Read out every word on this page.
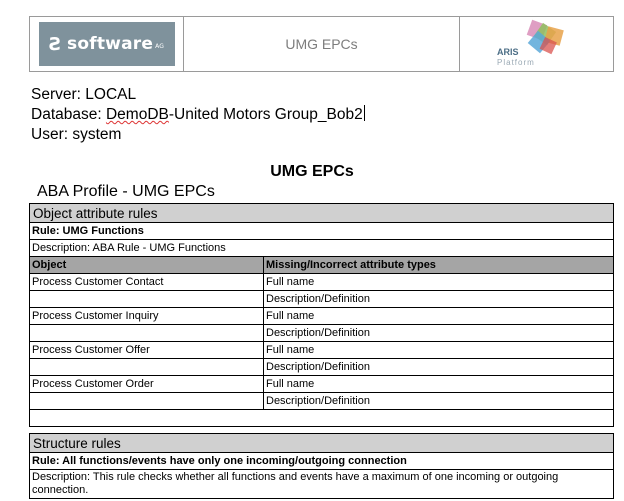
Ƨ software $^{AG}$	UMG EPCs	ARIS
Platform
Server: LOCAL
Database: DemoDB-United Motors Group_Bob2
User: system
UMG EPCs
ABA Profile - UMG EPCs
Object attribute rules	
Rule: UMG Functions	
Description: ABA Rule - UMG Functions	
Object	Missing/Incorrect attribute types
Process Customer Contact	Full name
	Description/Definition
Process Customer Inquiry	Full name
	Description/Definition
Process Customer Offer	Full name
	Description/Definition
Process Customer Order	Full name
	Description/Definition

Structure rules
Rule: All functions/events have only one incoming/outgoing connection
Description: This rule checks whether all functions and events have a maximum of one incoming or outgoing connection.
